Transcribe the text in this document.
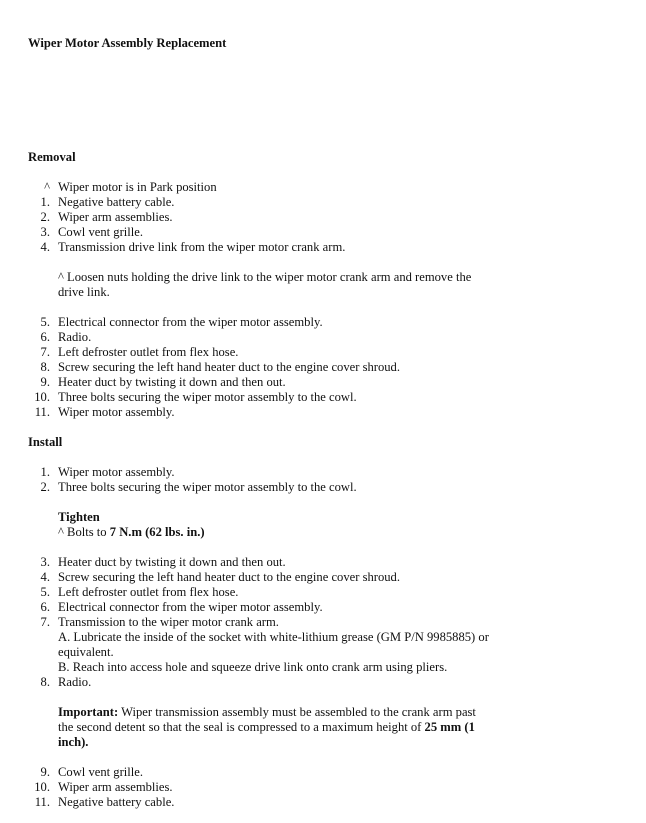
Wiper Motor Assembly Replacement
Removal
^ Wiper motor is in Park position
1. Negative battery cable.
2. Wiper arm assemblies.
3. Cowl vent grille.
4. Transmission drive link from the wiper motor crank arm.
^ Loosen nuts holding the drive link to the wiper motor crank arm and remove the
drive link.
5. Electrical connector from the wiper motor assembly.
6. Radio.
7. Left defroster outlet from flex hose.
8. Screw securing the left hand heater duct to the engine cover shroud.
9. Heater duct by twisting it down and then out.
10. Three bolts securing the wiper motor assembly to the cowl.
11. Wiper motor assembly.
Install
1. Wiper motor assembly.
2. Three bolts securing the wiper motor assembly to the cowl.
Tighten
^ Bolts to 7 N.m (62 lbs. in.)
3. Heater duct by twisting it down and then out.
4. Screw securing the left hand heater duct to the engine cover shroud.
5. Left defroster outlet from flex hose.
6. Electrical connector from the wiper motor assembly.
7. Transmission to the wiper motor crank arm.
A. Lubricate the inside of the socket with white-lithium grease (GM P/N 9985885) or
equivalent.
B. Reach into access hole and squeeze drive link onto crank arm using pliers.
8. Radio.
Important: Wiper transmission assembly must be assembled to the crank arm past
the second detent so that the seal is compressed to a maximum height of 25 mm (1
inch).
9. Cowl vent grille.
10. Wiper arm assemblies.
11. Negative battery cable.
